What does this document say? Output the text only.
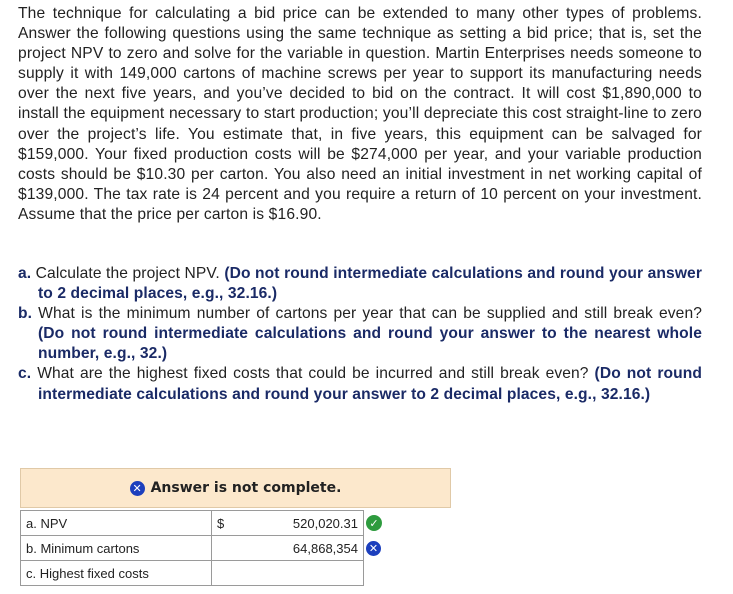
The technique for calculating a bid price can be extended to many other types of problems. Answer the following questions using the same technique as setting a bid price; that is, set the project NPV to zero and solve for the variable in question. Martin Enterprises needs someone to supply it with 149,000 cartons of machine screws per year to support its manufacturing needs over the next five years, and you’ve decided to bid on the contract. It will cost $1,890,000 to install the equipment necessary to start production; you’ll depreciate this cost straight-line to zero over the project’s life. You estimate that, in five years, this equipment can be salvaged for $159,000. Your fixed production costs will be $274,000 per year, and your variable production costs should be $10.30 per carton. You also need an initial investment in net working capital of $139,000. The tax rate is 24 percent and you require a return of 10 percent on your investment. Assume that the price per carton is $16.90.

a. Calculate the project NPV. (Do not round intermediate calculations and round your answer to 2 decimal places, e.g., 32.16.)
b. What is the minimum number of cartons per year that can be supplied and still break even? (Do not round intermediate calculations and round your answer to the nearest whole number, e.g., 32.)
c. What are the highest fixed costs that could be incurred and still break even? (Do not round intermediate calculations and round your answer to 2 decimal places, e.g., 32.16.)
✕ Answer is not complete.
a. NPV	$	520,020.31	✓
b. Minimum cartons		64,868,354	✕
c. Highest fixed costs			
